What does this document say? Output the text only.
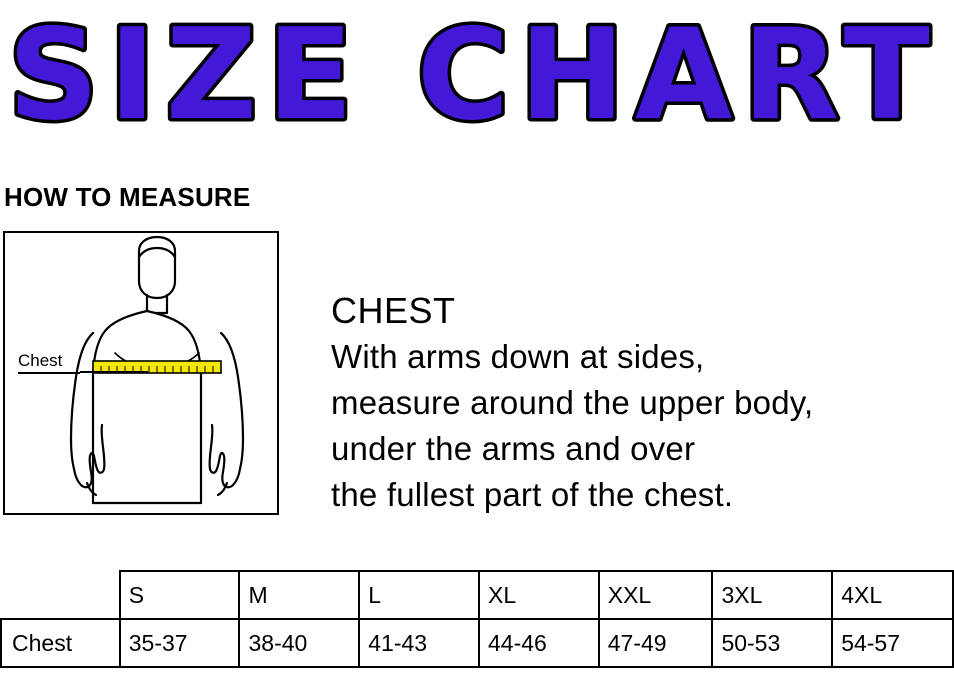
SIZE CHART
HOW TO MEASURE
Chest
CHEST
With arms down at sides,
measure around the upper body,
under the arms and over
the fullest part of the chest.
	S	M	L	XL	XXL	3XL	4XL
Chest	35-37	38-40	41-43	44-46	47-49	50-53	54-57
